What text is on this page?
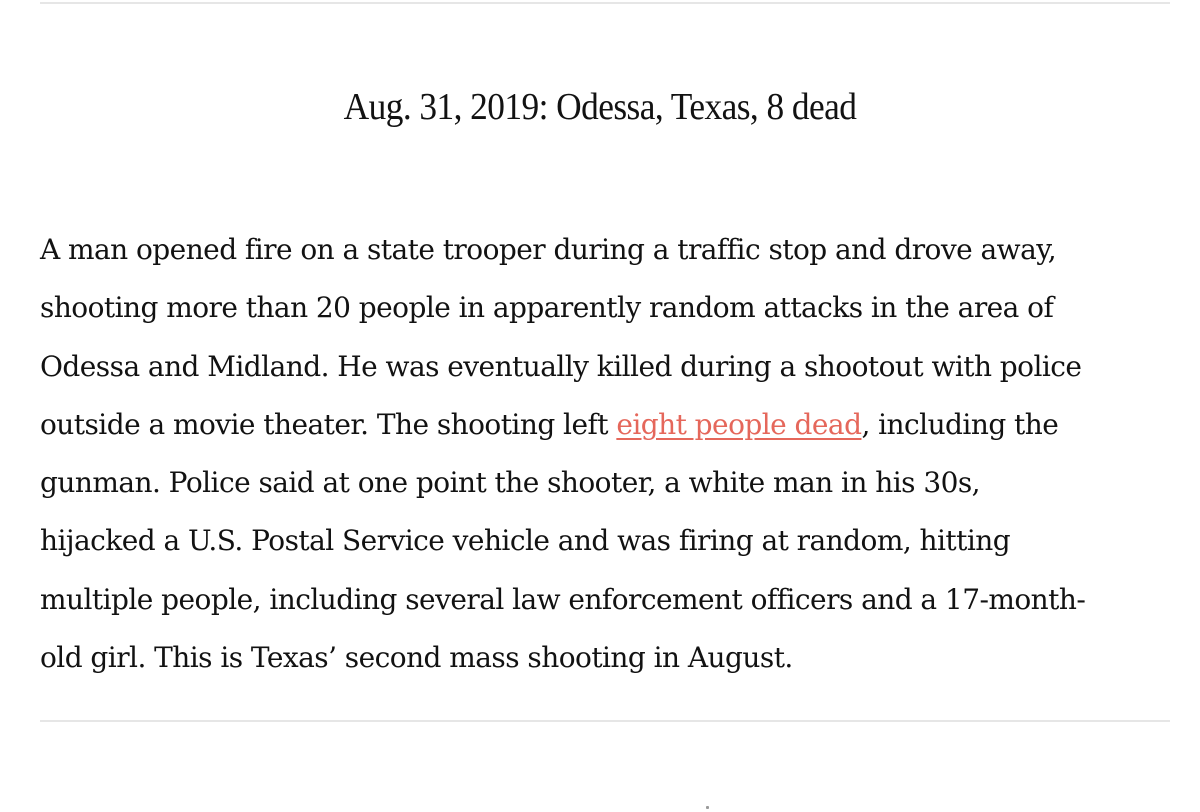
Aug. 31, 2019: Odessa, Texas, 8 dead

A man opened fire on a state trooper during a traffic stop and drove away,
shooting more than 20 people in apparently random attacks in the area of
Odessa and Midland. He was eventually killed during a shootout with police
outside a movie theater. The shooting left eight people dead, including the
gunman. Police said at one point the shooter, a white man in his 30s,
hijacked a U.S. Postal Service vehicle and was firing at random, hitting
multiple people, including several law enforcement officers and a 17-month-
old girl. This is Texas’ second mass shooting in August.
